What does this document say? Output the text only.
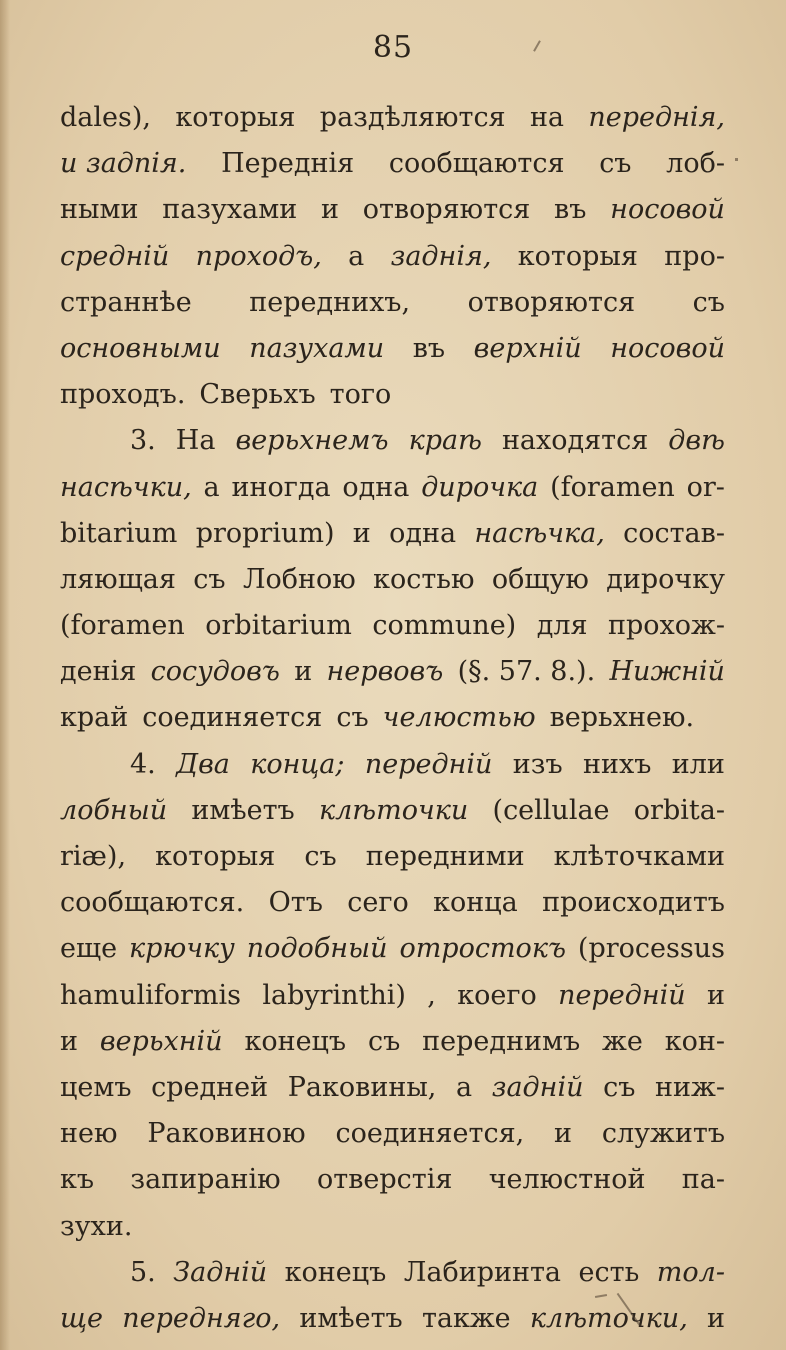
85
dales), которыя раздѣляются на переднія,
и задпія. Переднія сообщаются съ лоб-
ными пазухами и отворяются въ носовой
средній проходъ, а заднія, которыя про-
страннѣе переднихъ, отворяются съ
основными пазухами въ верхній носовой
проходъ. Сверьхъ того
3. На верьхнемъ краѣ находятся двѣ
насѣчки, а иногда одна дирочка (foramen or-
bitarium proprium) и одна насѣчка, состав-
ляющая съ Лобною костью общую дирочку
(foramen orbitarium commune) для прохож-
денія сосудовъ и нервовъ (§. 57. 8.). Нижній
край соединяется съ челюстью верьхнею.
4. Два конца; передній изъ нихъ или
лобный имѣетъ клѣточки (cellulae orbita-
riæ), которыя съ передними клѣточками
сообщаются. Отъ сего конца происходитъ
еще крючку подобный отростокъ (processus
hamuliformis labyrinthi) , коего передній и
и верьхній конецъ съ переднимъ же кон-
цемъ средней Раковины, а задній съ ниж-
нею Раковиною соединяется, и служитъ
къ запиранію отверстія челюстной па-
зухи.
5. Задній конецъ Лабиринта есть тол-
ще передняго, имѣетъ также клѣточки, и
